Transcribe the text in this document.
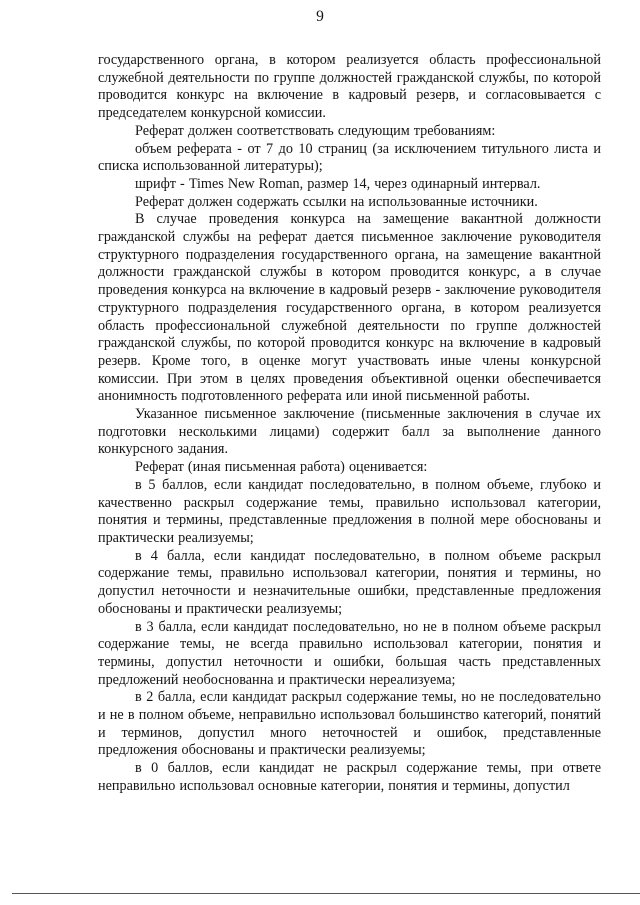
9

государственного органа, в котором реализуется область профессиональной служебной деятельности по группе должностей гражданской службы, по которой проводится конкурс на включение в кадровый резерв, и согласовывается с председателем конкурсной комиссии.

Реферат должен соответствовать следующим требованиям:

объем реферата - от 7 до 10 страниц (за исключением титульного листа и списка использованной литературы);

шрифт - Times New Roman, размер 14, через одинарный интервал.

Реферат должен содержать ссылки на использованные источники.

В случае проведения конкурса на замещение вакантной должности гражданской службы на реферат дается письменное заключение руководителя структурного подразделения государственного органа, на замещение вакантной должности гражданской службы в котором проводится конкурс, а в случае проведения конкурса на включение в кадровый резерв - заключение руководителя структурного подразделения государственного органа, в котором реализуется область профессиональной служебной деятельности по группе должностей гражданской службы, по которой проводится конкурс на включение в кадровый резерв. Кроме того, в оценке могут участвовать иные члены конкурсной комиссии. При этом в целях проведения объективной оценки обеспечивается анонимность подготовленного реферата или иной письменной работы.

Указанное письменное заключение (письменные заключения в случае их подготовки несколькими лицами) содержит балл за выполнение данного конкурсного задания.

Реферат (иная письменная работа) оценивается:

в 5 баллов, если кандидат последовательно, в полном объеме, глубоко и качественно раскрыл содержание темы, правильно использовал категории, понятия и термины, представленные предложения в полной мере обоснованы и практически реализуемы;

в 4 балла, если кандидат последовательно, в полном объеме раскрыл содержание темы, правильно использовал категории, понятия и термины, но допустил неточности и незначительные ошибки, представленные предложения обоснованы и практически реализуемы;

в 3 балла, если кандидат последовательно, но не в полном объеме раскрыл содержание темы, не всегда правильно использовал категории, понятия и термины, допустил неточности и ошибки, большая часть представленных предложений необоснованна и практически нереализуема;

в 2 балла, если кандидат раскрыл содержание темы, но не последовательно и не в полном объеме, неправильно использовал большинство категорий, понятий и терминов, допустил много неточностей и ошибок, представленные предложения обоснованы и практически реализуемы;

в 0 баллов, если кандидат не раскрыл содержание темы, при ответе неправильно использовал основные категории, понятия и термины, допустил
